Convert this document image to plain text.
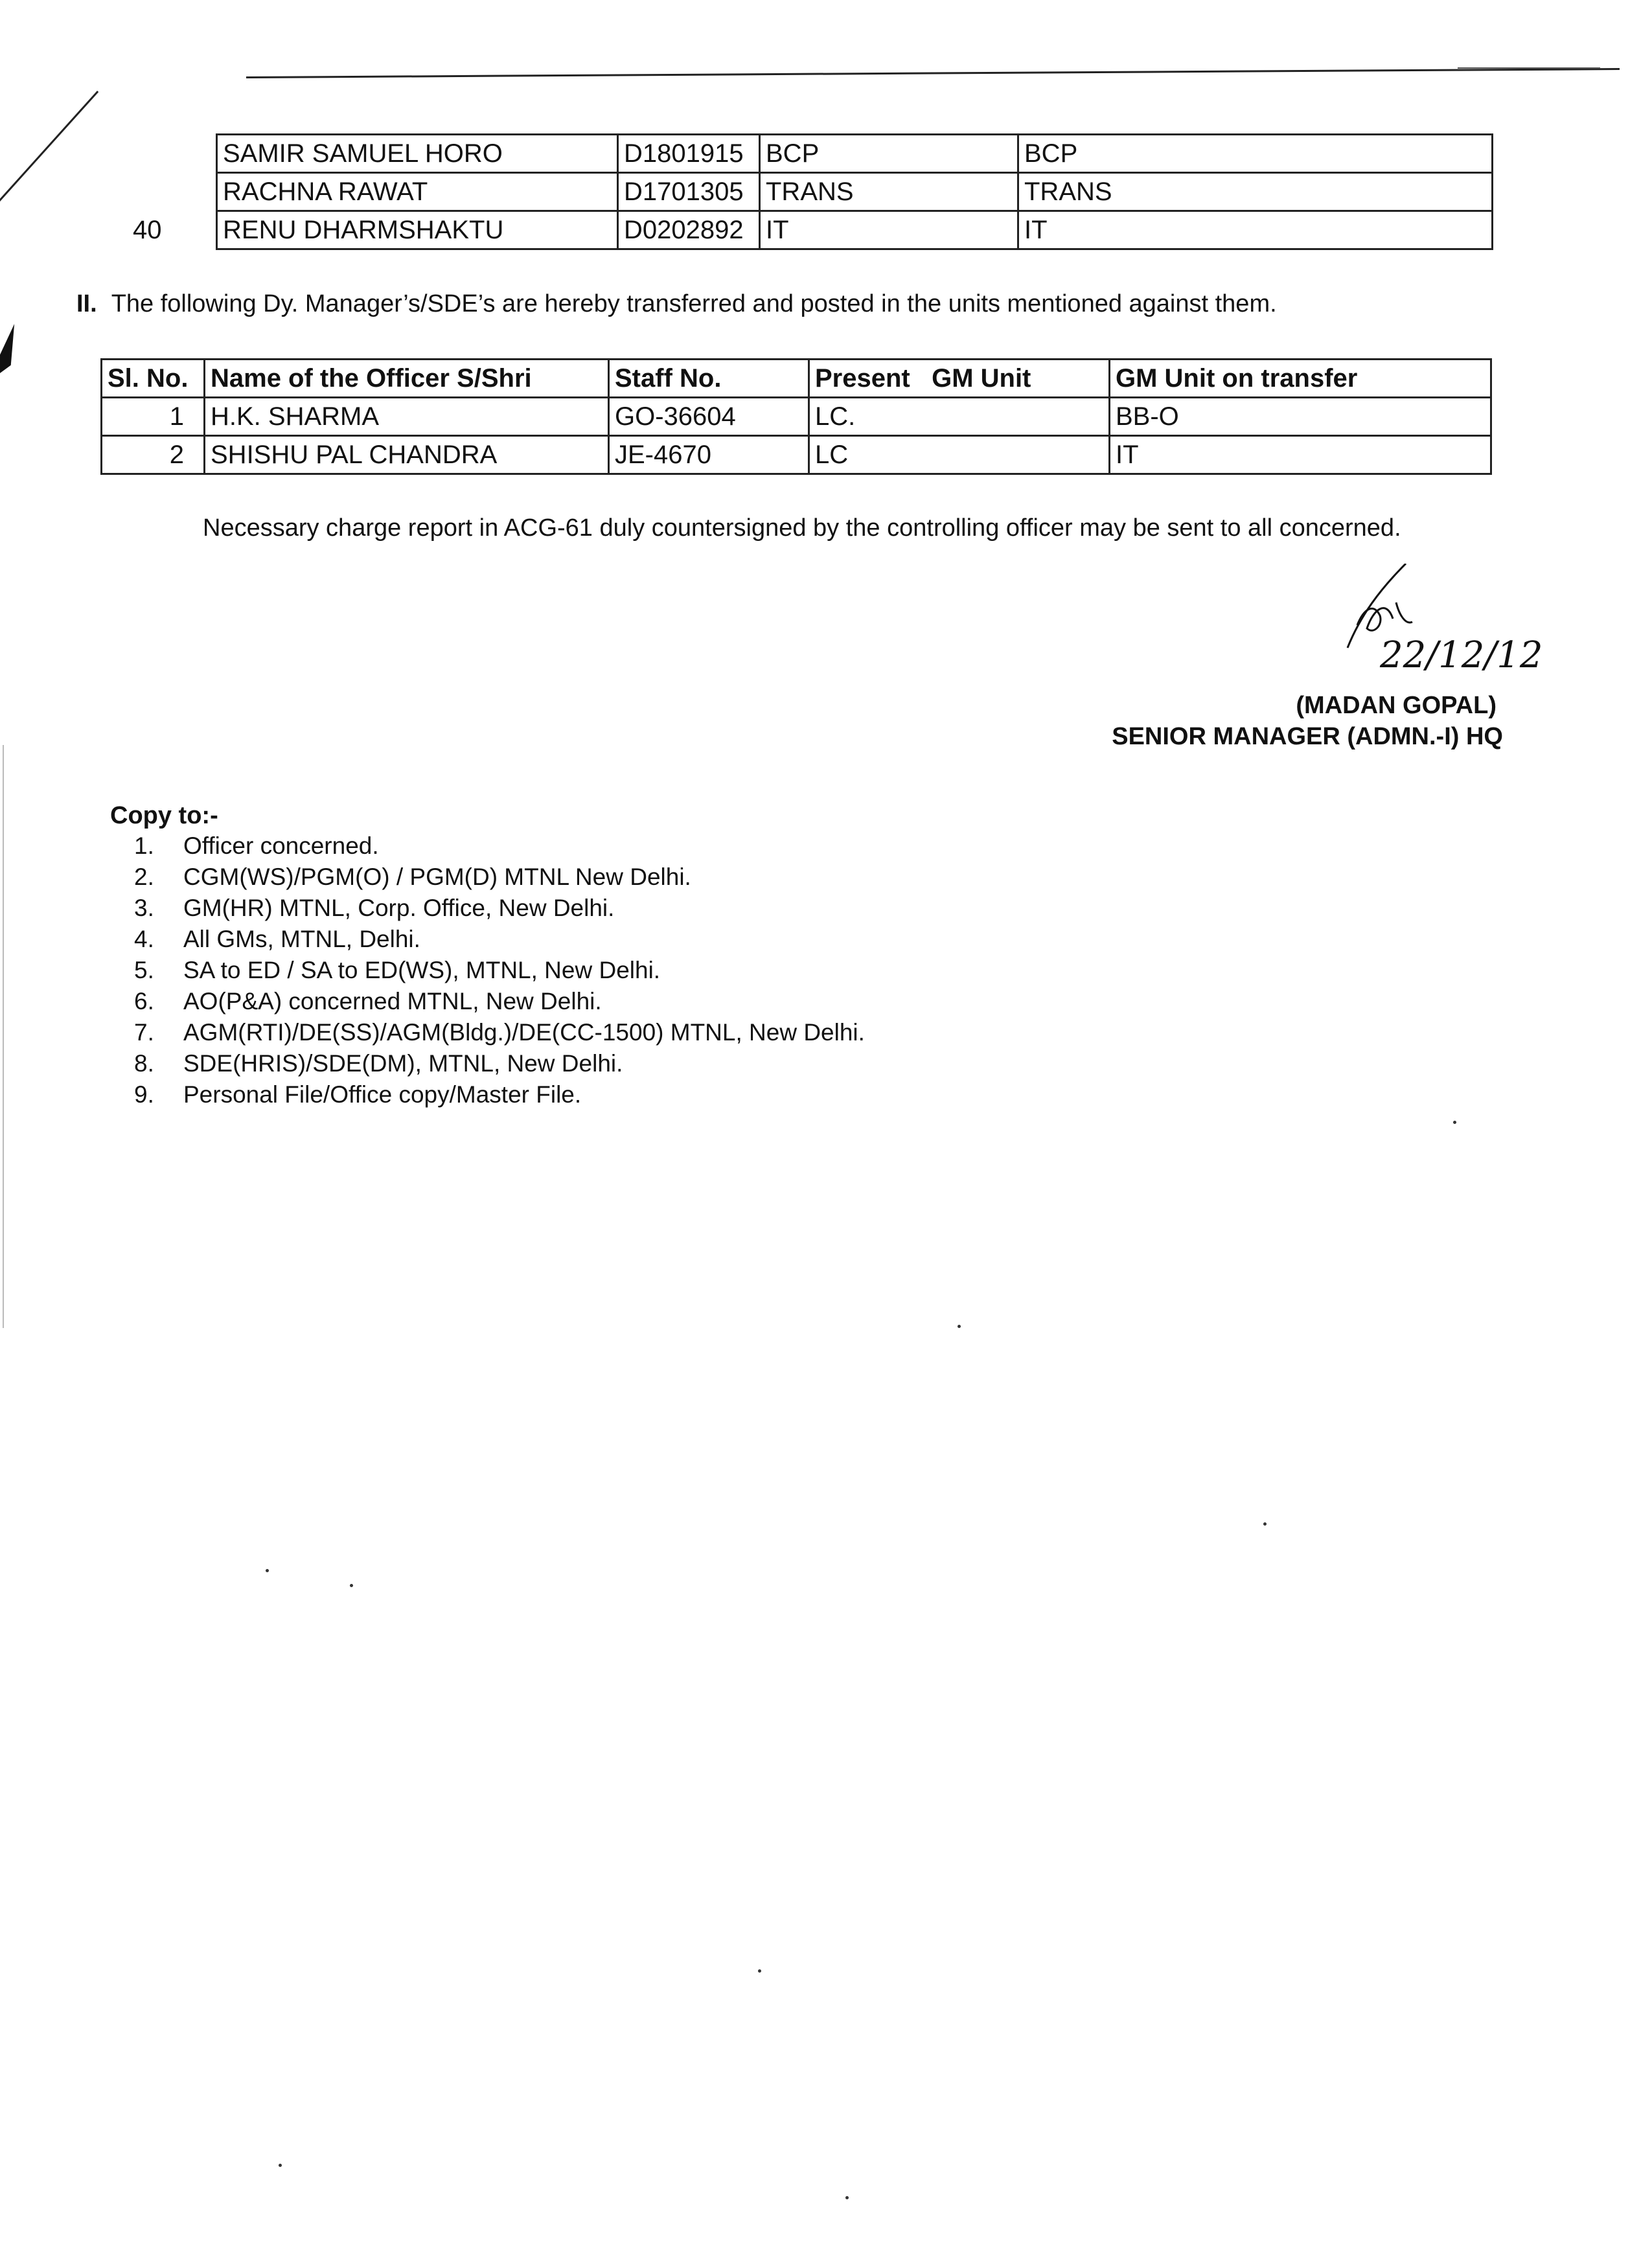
	SAMIR SAMUEL HORO	D1801915	BCP	BCP
	RACHNA RAWAT	D1701305	TRANS	TRANS
40	RENU DHARMSHAKTU	D0202892	IT	IT
II. The following Dy. Manager’s/SDE’s are hereby transferred and posted in the units mentioned against them.
Sl. No.	Name of the Officer S/Shri	Staff No.	Present   GM Unit	GM Unit on transfer
1	H.K. SHARMA	GO-36604	LC.	BB-O
2	SHISHU PAL CHANDRA	JE-4670	LC	IT
Necessary charge report in ACG-61 duly countersigned by the controlling officer may be sent to all concerned.
22/12/12
(MADAN GOPAL)
SENIOR MANAGER (ADMN.-I) HQ
Copy to:-
1.	Officer concerned.
2.	CGM(WS)/PGM(O) / PGM(D) MTNL New Delhi.
3.	GM(HR) MTNL, Corp. Office, New Delhi.
4.	All GMs, MTNL, Delhi.
5.	SA to ED / SA to ED(WS), MTNL, New Delhi.
6.	AO(P&A) concerned MTNL, New Delhi.
7.	AGM(RTI)/DE(SS)/AGM(Bldg.)/DE(CC-1500) MTNL, New Delhi.
8.	SDE(HRIS)/SDE(DM), MTNL, New Delhi.
9.	Personal File/Office copy/Master File.
